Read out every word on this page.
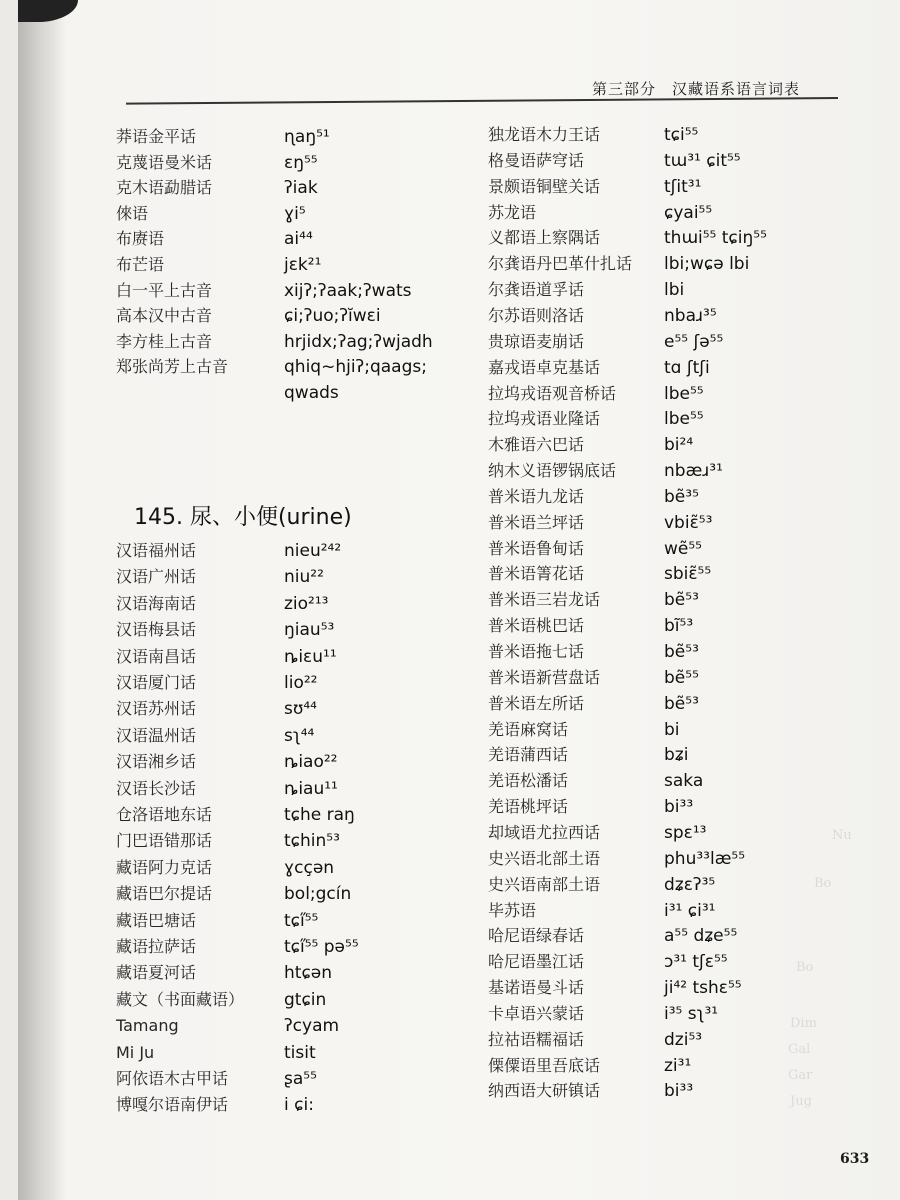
第三部分　汉藏语系语言词表
莽语金平话	ɳaŋ⁵¹
克蔑语曼米话	ɛŋ⁵⁵
克木语勐腊话	ʔiak
倈语	ɣi⁵
布赓语	ai⁴⁴
布芒语	jɛk²¹
白一平上古音	xijʔ;ʔaak;ʔwats
高本汉中古音	ɕi;ʔuo;ʔĭwɛi
李方桂上古音	hrjidx;ʔag;ʔwjadh
郑张尚芳上古音	qhiq~hjiʔ;qaags;
qwads
145. 尿、小便(urine)
汉语福州话	nieu²⁴²
汉语广州话	niu²²
汉语海南话	zio²¹³
汉语梅县话	ŋiau⁵³
汉语南昌话	ȵiɛu¹¹
汉语厦门话	lio²²
汉语苏州话	sʊ⁴⁴
汉语温州话	sʅ⁴⁴
汉语湘乡话	ȵiao²²
汉语长沙话	ȵiau¹¹
仓洛语地东话	tɕhe raŋ
门巴语错那话	tɕhin⁵³
藏语阿力克话	ɣcçən
藏语巴尔提话	bol;gcín
藏语巴塘话	tɕi̋⁵⁵
藏语拉萨话	tɕi̋⁵⁵ pə⁵⁵
藏语夏河话	htɕən
藏文（书面藏语） gtɕin
Tamang	ʔcyam
Mi Ju	tisit
阿依语木古甲话	ʂa⁵⁵
博嘎尔语南伊话	i ɕi:
独龙语木力王话	tɕi⁵⁵
格曼语萨穹话	tɯ³¹ ɕit⁵⁵
景颇语铜壁关话	tʃit³¹
苏龙语	ɕyai⁵⁵
义都语上察隅话	thɯi⁵⁵ tɕiŋ⁵⁵
尔龚语丹巴革什扎话 lbi;wɕə lbi
尔龚语道孚话	lbi
尔苏语则洛话	nbaɹ³⁵
贵琼语麦崩话	e⁵⁵ ʃə⁵⁵
嘉戎语卓克基话	tɑ ʃtʃi
拉坞戎语观音桥话	lbe⁵⁵
拉坞戎语业隆话	lbe⁵⁵
木雅语六巴话	bi²⁴
纳木义语锣锅底话	nbæɹ³¹
普米语九龙话	bẽ³⁵
普米语兰坪话	vbiɛ̃⁵³
普米语鲁甸话	wẽ⁵⁵
普米语箐花话	sbiɛ̃⁵⁵
普米语三岩龙话	bẽ⁵³
普米语桃巴话	bĩ⁵³
普米语拖七话	bẽ⁵³
普米语新营盘话	bẽ⁵⁵
普米语左所话	bẽ⁵³
羌语麻窝话	bi
羌语蒲西话	bʑi
羌语松潘话	saka
羌语桃坪话	bi³³
却域语尤拉西话	spɛ¹³
史兴语北部土语	phu³³læ⁵⁵
史兴语南部土语	dʑɛʔ³⁵
毕苏语	i³¹ ɕi³¹
哈尼语绿春话	a⁵⁵ dʑe⁵⁵
哈尼语墨江话	ɔ³¹ tʃɛ⁵⁵
基诺语曼斗话	ji⁴² tshɛ⁵⁵
卡卓语兴蒙话	i³⁵ sʅ³¹
拉祜语糯福话	dzi⁵³
傈僳语里吾底话	zi³¹
纳西语大研镇话	bi³³
Nu
Bo
Bo
Dim
Gal
Gar
Jug
633
